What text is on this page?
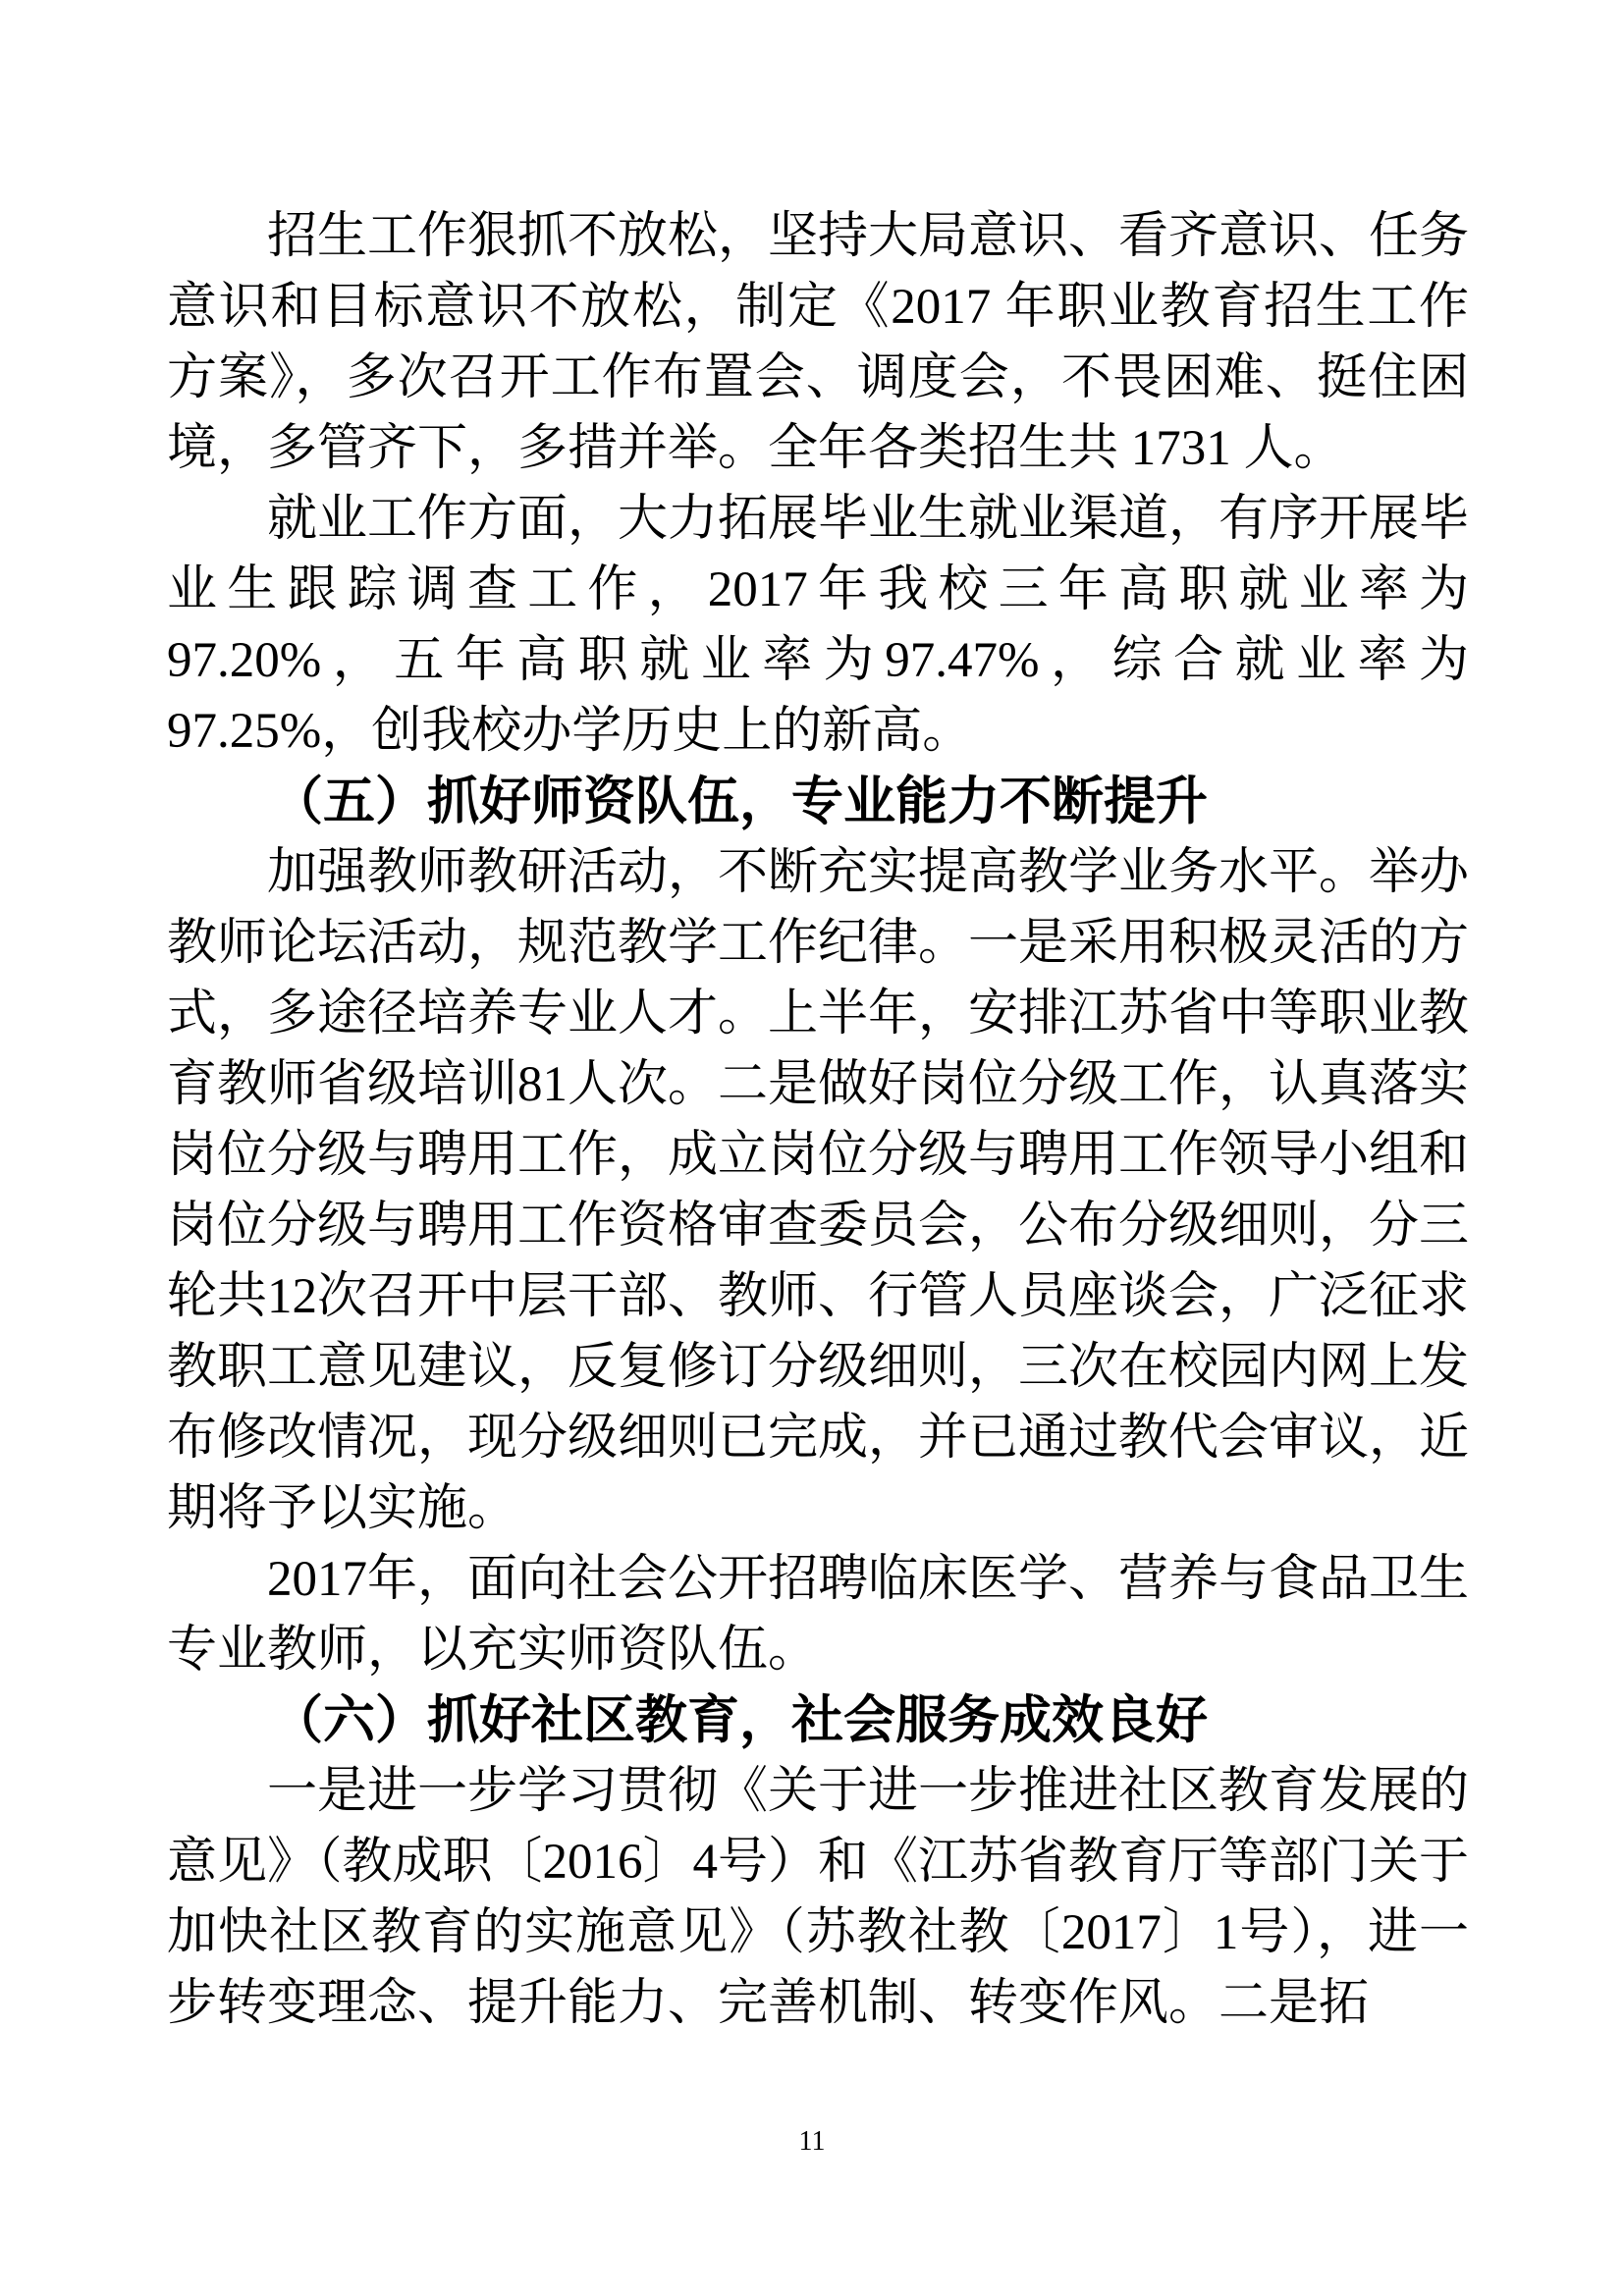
招生工作狠抓不放松，坚持大局意识、看齐意识、任务意识和目标意识不放松，制定《2017 年职业教育招生工作方案》，多次召开工作布置会、调度会，不畏困难、挺住困境，多管齐下，多措并举。全年各类招生共 1731 人。

就业工作方面，大力拓展毕业生就业渠道，有序开展毕业生跟踪调查工作，2017年我校三年高职就业率为97.20%，五年高职就业率为97.47%，综合就业率为97.25%，创我校办学历史上的新高。

（五）抓好师资队伍，专业能力不断提升

加强教师教研活动，不断充实提高教学业务水平。举办教师论坛活动，规范教学工作纪律。一是采用积极灵活的方式，多途径培养专业人才。上半年，安排江苏省中等职业教育教师省级培训81人次。二是做好岗位分级工作，认真落实岗位分级与聘用工作，成立岗位分级与聘用工作领导小组和岗位分级与聘用工作资格审查委员会，公布分级细则，分三轮共12次召开中层干部、教师、行管人员座谈会，广泛征求教职工意见建议，反复修订分级细则，三次在校园内网上发布修改情况，现分级细则已完成，并已通过教代会审议，近期将予以实施。

2017年，面向社会公开招聘临床医学、营养与食品卫生专业教师，以充实师资队伍。

（六）抓好社区教育，社会服务成效良好

一是进一步学习贯彻《关于进一步推进社区教育发展的意见》（教成职〔2016〕4号）和《江苏省教育厅等部门关于加快社区教育的实施意见》（苏教社教〔2017〕1号），进一步转变理念、提升能力、完善机制、转变作风。二是拓

11
